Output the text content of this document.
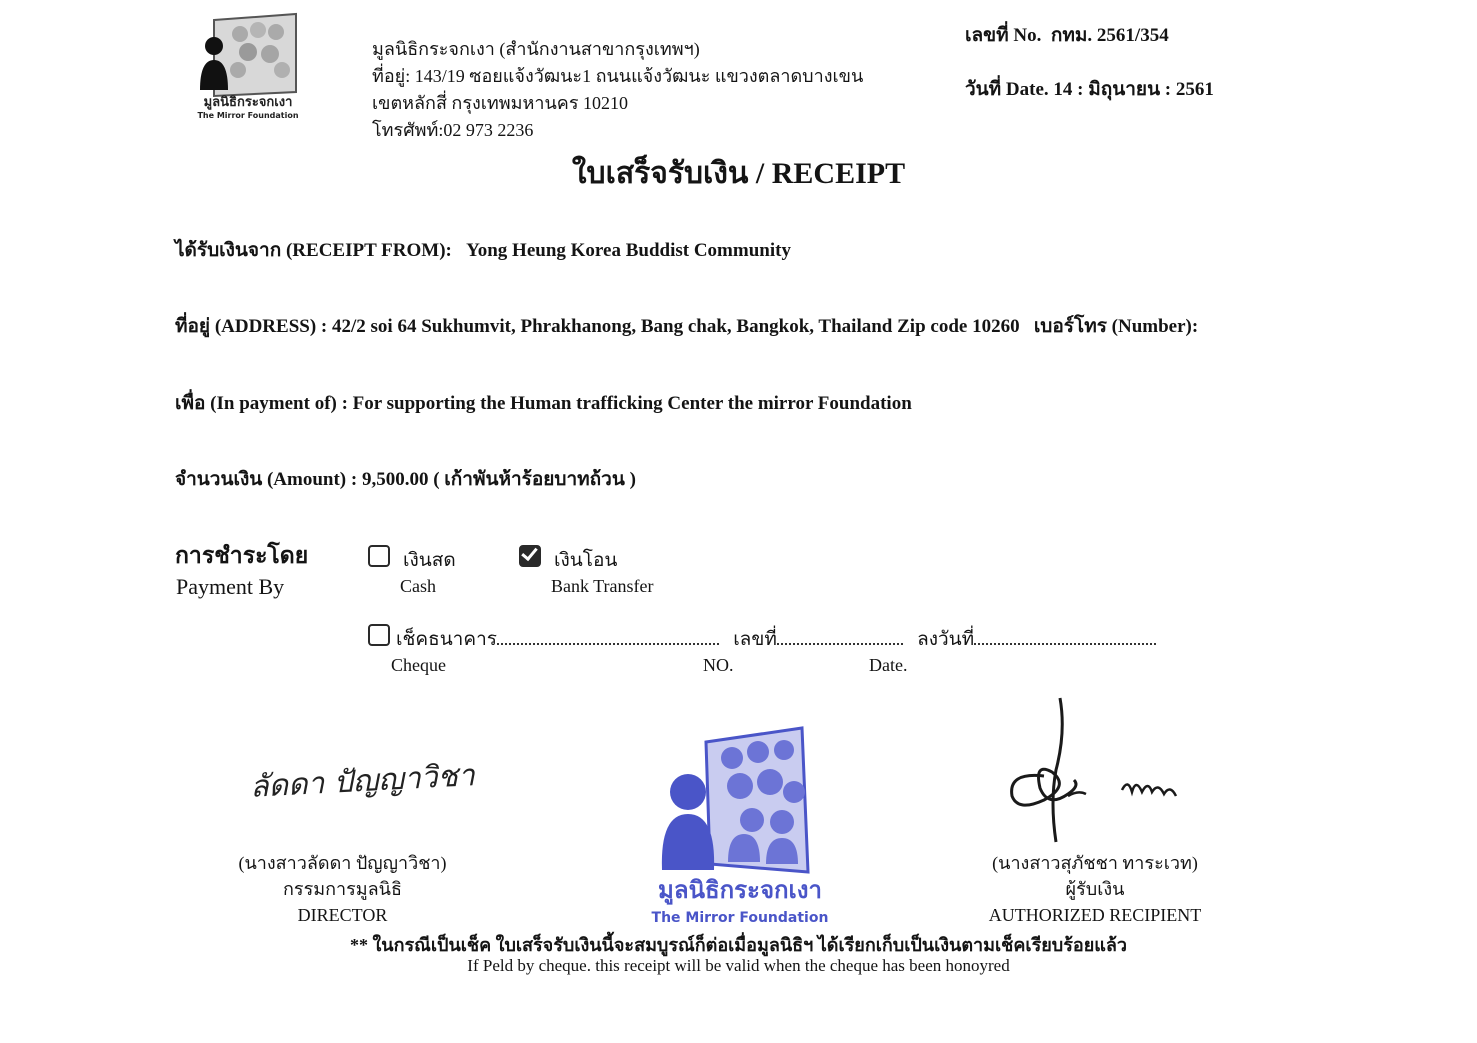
มูลนิธิกระจกเงา
The Mirror Foundation
มูลนิธิกระจกเงา (สำนักงานสาขากรุงเทพฯ)
ที่อยู่: 143/19 ซอยแจ้งวัฒนะ1 ถนนแจ้งวัฒนะ แขวงตลาดบางเขน
เขตหลักสี่ กรุงเทพมหานคร 10210
โทรศัพท์:02 973 2236
เลขที่ No. กทม. 2561/354
วันที่ Date. 14 : มิถุนายน : 2561
ใบเสร็จรับเงิน / RECEIPT
ได้รับเงินจาก (RECEIPT FROM): Yong Heung Korea Buddist Community
ที่อยู่ (ADDRESS) : 42/2 soi 64 Sukhumvit, Phrakhanong, Bang chak, Bangkok, Thailand Zip code 10260 เบอร์โทร (Number):
เพื่อ (In payment of) : For supporting the Human trafficking Center the mirror Foundation
จำนวนเงิน (Amount) : 9,500.00 ( เก้าพันห้าร้อยบาทถ้วน )
การชำระโดย
Payment By
เงินสด
Cash
เงินโอน
Bank Transfer
เช็คธนาคาร	เลขที่	ลงวันที่
Cheque	NO.	Date.
ลัดดา ปัญญาวิชา
(นางสาวลัดดา ปัญญาวิชา)
กรรมการมูลนิธิ
DIRECTOR
มูลนิธิกระจกเงา
The Mirror Foundation
(นางสาวสุภัชชา ทาระเวท)
ผู้รับเงิน
AUTHORIZED RECIPIENT
** ในกรณีเป็นเช็ค ใบเสร็จรับเงินนี้จะสมบูรณ์ก็ต่อเมื่อมูลนิธิฯ ได้เรียกเก็บเป็นเงินตามเช็คเรียบร้อยแล้ว
If Peld by cheque. this receipt will be valid when the cheque has been honoyred
